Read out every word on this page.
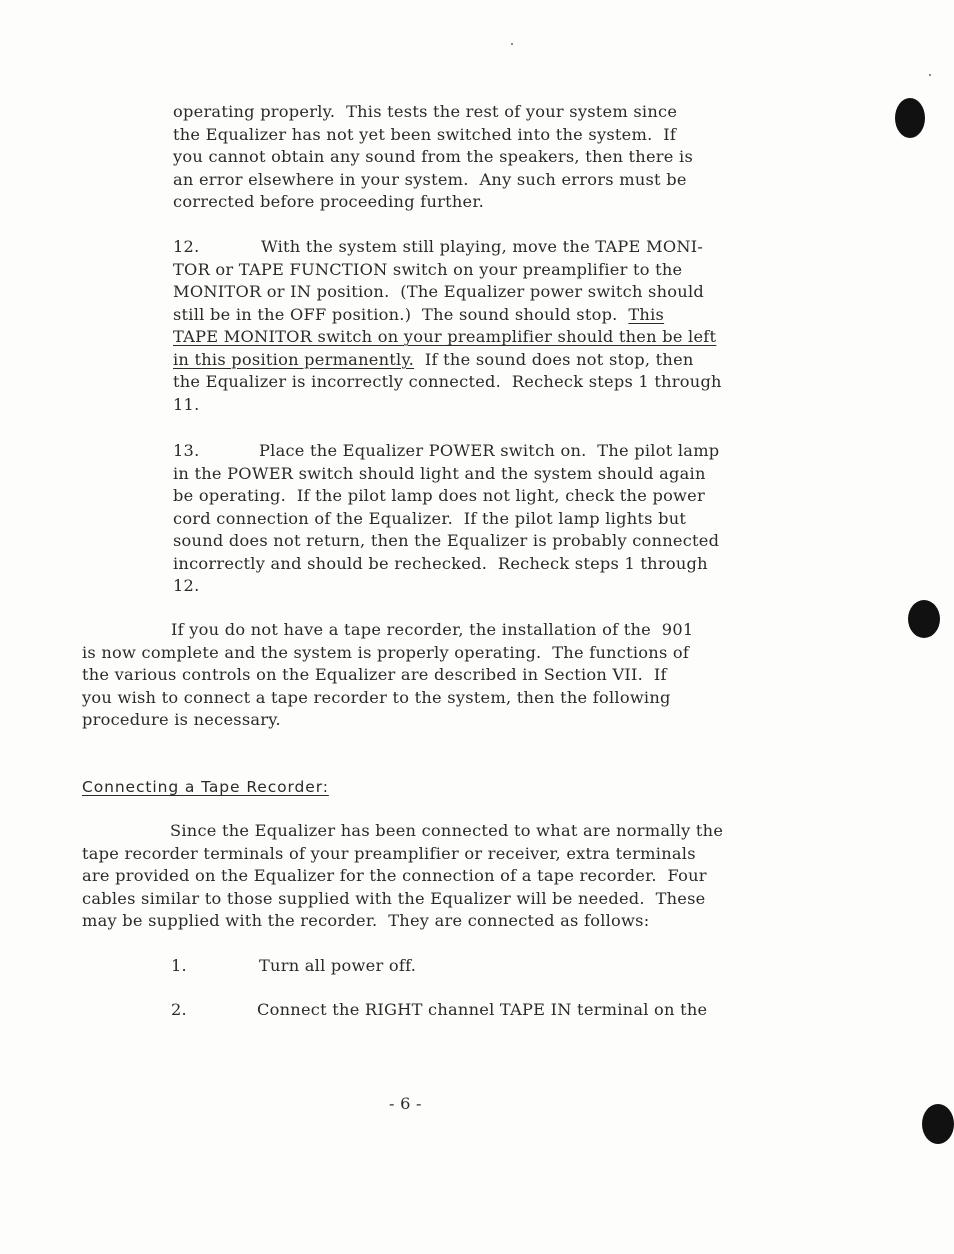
operating properly.  This tests the rest of your system since
the Equalizer has not yet been switched into the system.  If
you cannot obtain any sound from the speakers, then there is
an error elsewhere in your system.  Any such errors must be
corrected before proceeding further.
12.	With the system still playing, move the TAPE MONI-
TOR or TAPE FUNCTION switch on your preamplifier to the
MONITOR or IN position.  (The Equalizer power switch should
still be in the OFF position.)  The sound should stop. This
TAPE MONITOR switch on your preamplifier should then be left
in this position permanently.  If the sound does not stop, then
the Equalizer is incorrectly connected.  Recheck steps 1 through
11.
13.	Place the Equalizer POWER switch on.  The pilot lamp
in the POWER switch should light and the system should again
be operating.  If the pilot lamp does not light, check the power
cord connection of the Equalizer.  If the pilot lamp lights but
sound does not return, then the Equalizer is probably connected
incorrectly and should be rechecked.  Recheck steps 1 through
12.
If you do not have a tape recorder, the installation of the  901
is now complete and the system is properly operating.  The functions of
the various controls on the Equalizer are described in Section VII.  If
you wish to connect a tape recorder to the system, then the following
procedure is necessary.
Connecting a Tape Recorder:
Since the Equalizer has been connected to what are normally the
tape recorder terminals of your preamplifier or receiver, extra terminals
are provided on the Equalizer for the connection of a tape recorder.  Four
cables similar to those supplied with the Equalizer will be needed.  These
may be supplied with the recorder.  They are connected as follows:
1.	Turn all power off.
2.	Connect the RIGHT channel TAPE IN terminal on the
- 6 -
